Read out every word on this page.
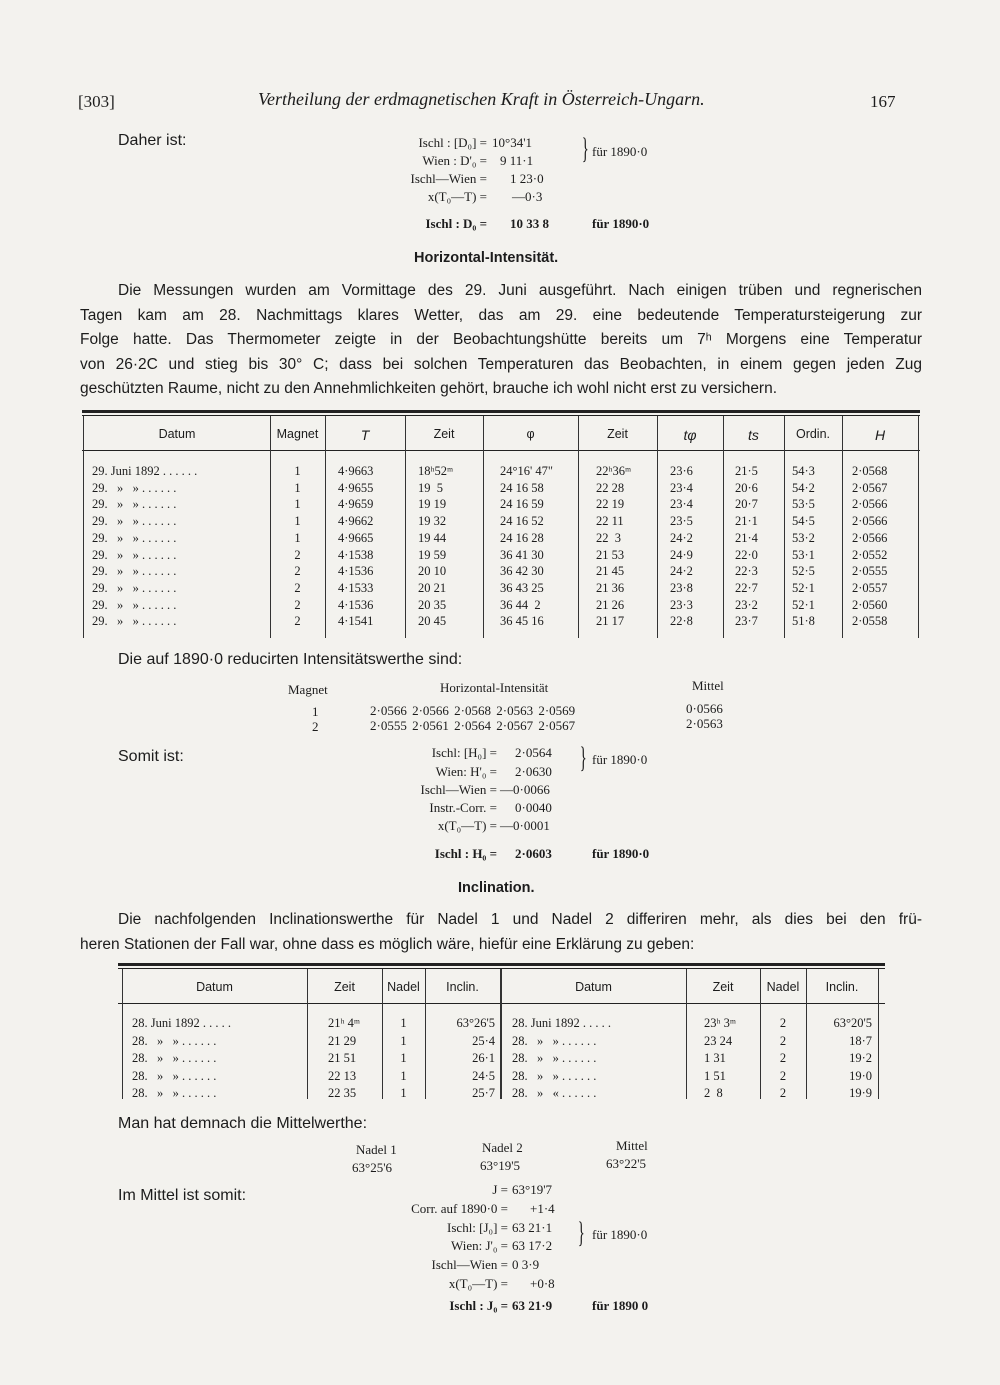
[303]	Vertheilung der erdmagnetischen Kraft in Österreich-Ungarn.	167
Daher ist:	Ischl : [D₀] = 10°34'1
Wien : D'₀ = 9 11·1
Ischl—Wien = 1 23·0
x(T₀—T) = —0·3
} für 1890·0
Ischl : D₀ = 10 33 8	für 1890·0
Horizontal-Intensität.
Die Messungen wurden am Vormittage des 29. Juni ausgeführt. Nach einigen trüben und regnerischen
Tagen kam am 28. Nachmittags klares Wetter, das am 29. eine bedeutende Temperatursteigerung zur
Folge hatte. Das Thermometer zeigte in der Beobachtungshütte bereits um 7ʰ Morgens eine Temperatur
von 26·2C und stieg bis 30° C; dass bei solchen Temperaturen das Beobachten, in einem gegen jeden Zug
geschützten Raume, nicht zu den Annehmlichkeiten gehört, brauche ich wohl nicht erst zu versichern.
Datum	Magnet	T	Zeit	φ	Zeit	tφ	ts	Ordin.	H
29. Juni 1892 . . . . . .	1	4·9663	18ʰ52ᵐ	24°16' 47"	22ʰ36ᵐ	23·6	21·5	54·3	2·0568
29.   »   » . . . . . .	1	4·9655	19  5	24 16 58	22 28	23·4	20·6	54·2	2·0567
29.   »   » . . . . . .	1	4·9659	19 19	24 16 59	22 19	23·4	20·7	53·5	2·0566
29.   »   » . . . . . .	1	4·9662	19 32	24 16 52	22 11	23·5	21·1	54·5	2·0566
29.   »   » . . . . . .	1	4·9665	19 44	24 16 28	22  3	24·2	21·4	53·2	2·0566
29.   »   » . . . . . .	2	4·1538	19 59	36 41 30	21 53	24·9	22·0	53·1	2·0552
29.   »   » . . . . . .	2	4·1536	20 10	36 42 30	21 45	24·2	22·3	52·5	2·0555
29.   »   » . . . . . .	2	4·1533	20 21	36 43 25	21 36	23·8	22·7	52·1	2·0557
29.   »   » . . . . . .	2	4·1536	20 35	36 44  2	21 26	23·3	23·2	52·1	2·0560
29.   »   » . . . . . .	2	4·1541	20 45	36 45 16	21 17	22·8	23·7	51·8	2·0558
Die auf 1890·0 reducirten Intensitätswerthe sind:
Magnet	Horizontal-Intensität	Mittel
1	2·0566 2·0566 2·0568 2·0563 2·0569	0·0566
2	2·0555 2·0561 2·0564 2·0567 2·0567	2·0563
Somit ist:	Ischl: [H₀] = 2·0564
Wien: H'₀ = 2·0630
Ischl—Wien = —0·0066
Instr.-Corr. = 0·0040
x(T₀—T) = —0·0001
} für 1890·0
Ischl : H₀ = 2·0603	für 1890·0
Inclination.
Die nachfolgenden Inclinationswerthe für Nadel 1 und Nadel 2 differiren mehr, als dies bei den frü-
heren Stationen der Fall war, ohne dass es möglich wäre, hiefür eine Erklärung zu geben:
Datum	Zeit	Nadel	Inclin.	Datum	Zeit	Nadel	Inclin.
28. Juni 1892 . . . . .	21ʰ 4ᵐ	1	63°26'5 28. Juni 1892 . . . . .	23ʰ 3ᵐ	2	63°20'5
28.   »   » . . . . . .	21 29	1	25·4 28.   »   » . . . . . .	23 24	2	18·7
28.   »   » . . . . . .	21 51	1	26·1 28.   »   » . . . . . .	1 31	2	19·2
28.   »   » . . . . . .	22 13	1	24·5 28.   »   » . . . . . .	1 51	2	19·0
28.   »   » . . . . . .	22 35	1	25·7 28.   »   « . . . . . .	2  8	2	19·9
Man hat demnach die Mittelwerthe:
Nadel 1	Nadel 2	Mittel
63°25'6	63°19'5	63°22'5
Im Mittel ist somit:	J = 63°19'7
Corr. auf 1890·0 = +1·4
Ischl: [J₀] = 63 21·1
Wien: J'₀ = 63 17·2
Ischl—Wien = 0 3·9
x(T₀—T) = +0·8
} für 1890·0
Ischl : J₀ = 63 21·9	für 1890 0
